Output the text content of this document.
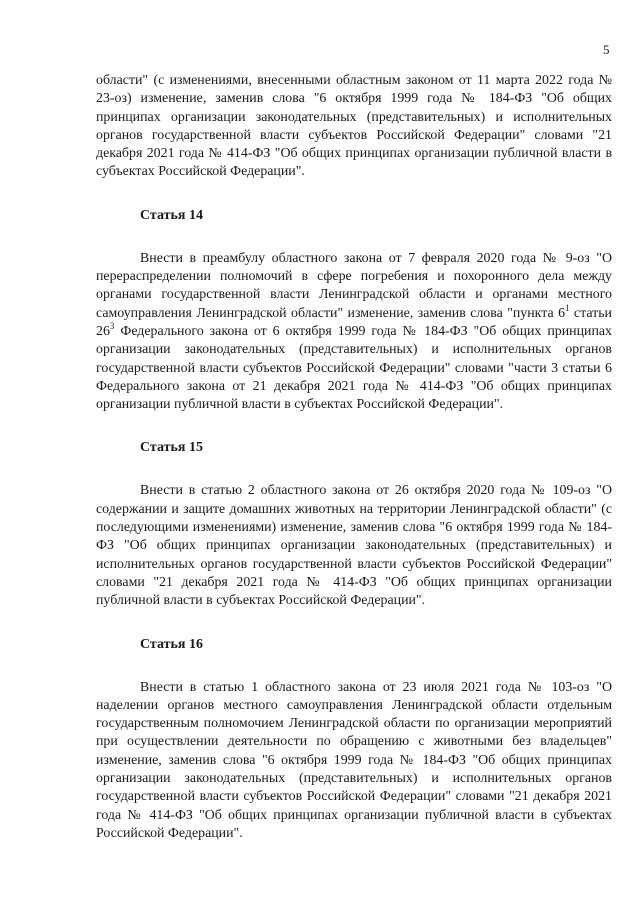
5

области" (с изменениями, внесенными областным законом от 11 марта 2022 года № 23-оз) изменение, заменив слова "6 октября 1999 года № 184-ФЗ "Об общих принципах организации законодательных (представительных) и исполнительных органов государственной власти субъектов Российской Федерации" словами "21 декабря 2021 года № 414-ФЗ "Об общих принципах организации публичной власти в субъектах Российской Федерации".

Статья 14

Внести в преамбулу областного закона от 7 февраля 2020 года № 9-оз "О перераспределении полномочий в сфере погребения и похоронного дела между органами государственной власти Ленинградской области и органами местного самоуправления Ленинградской области" изменение, заменив слова "пункта $6^1$ статьи $26^3$ Федерального закона от 6 октября 1999 года № 184-ФЗ "Об общих принципах организации законодательных (представительных) и исполнительных органов государственной власти субъектов Российской Федерации" словами "части 3 статьи 6 Федерального закона от 21 декабря 2021 года № 414-ФЗ "Об общих принципах организации публичной власти в субъектах Российской Федерации".

Статья 15

Внести в статью 2 областного закона от 26 октября 2020 года № 109-оз "О содержании и защите домашних животных на территории Ленинградской области" (с последующими изменениями) изменение, заменив слова "6 октября 1999 года № 184-ФЗ "Об общих принципах организации законодательных (представительных) и исполнительных органов государственной власти субъектов Российской Федерации" словами "21 декабря 2021 года № 414-ФЗ "Об общих принципах организации публичной власти в субъектах Российской Федерации".

Статья 16

Внести в статью 1 областного закона от 23 июля 2021 года № 103-оз "О наделении органов местного самоуправления Ленинградской области отдельным государственным полномочием Ленинградской области по организации мероприятий при осуществлении деятельности по обращению с животными без владельцев" изменение, заменив слова "6 октября 1999 года № 184-ФЗ "Об общих принципах организации законодательных (представительных) и исполнительных органов государственной власти субъектов Российской Федерации" словами "21 декабря 2021 года № 414-ФЗ "Об общих принципах организации публичной власти в субъектах Российской Федерации".
